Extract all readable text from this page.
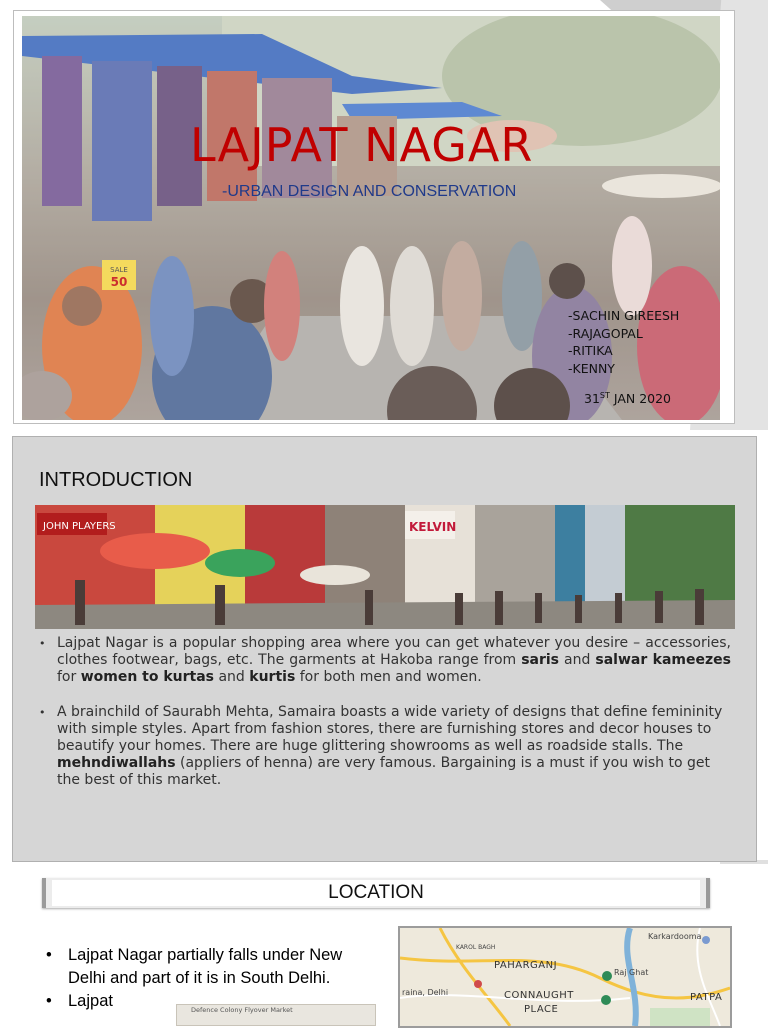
SALE
50
LAJPAT NAGAR
-URBAN DESIGN AND CONSERVATION
-SACHIN GIREESH
-RAJAGOPAL
-RITIKA
-KENNY
31ST JAN 2020
INTRODUCTION
JOHN PLAYERS	KELVIN
• Lajpat Nagar is a popular shopping area where you can get whatever you desire – accessories, clothes footwear, bags, etc. The garments at Hakoba range from saris and salwar kameezes for women to kurtas and kurtis for both men and women.
• A brainchild of Saurabh Mehta, Samaira boasts a wide variety of designs that define femininity with simple styles. Apart from fashion stores, there are furnishing stores and decor houses to beautify your homes. There are huge glittering showrooms as well as roadside stalls. The mehndiwallahs (appliers of henna) are very famous. Bargaining is a must if you wish to get the best of this market.
LOCATION
• Lajpat Nagar partially falls under New Delhi and part of it is in South Delhi.
• Lajpat	Defence Colony Flyover Market
Karkardooma
KAROL BAGH
PAHARGANJ
Raj Ghat
CONNAUGHT
PLACE
PATPA
raina, Delhi
